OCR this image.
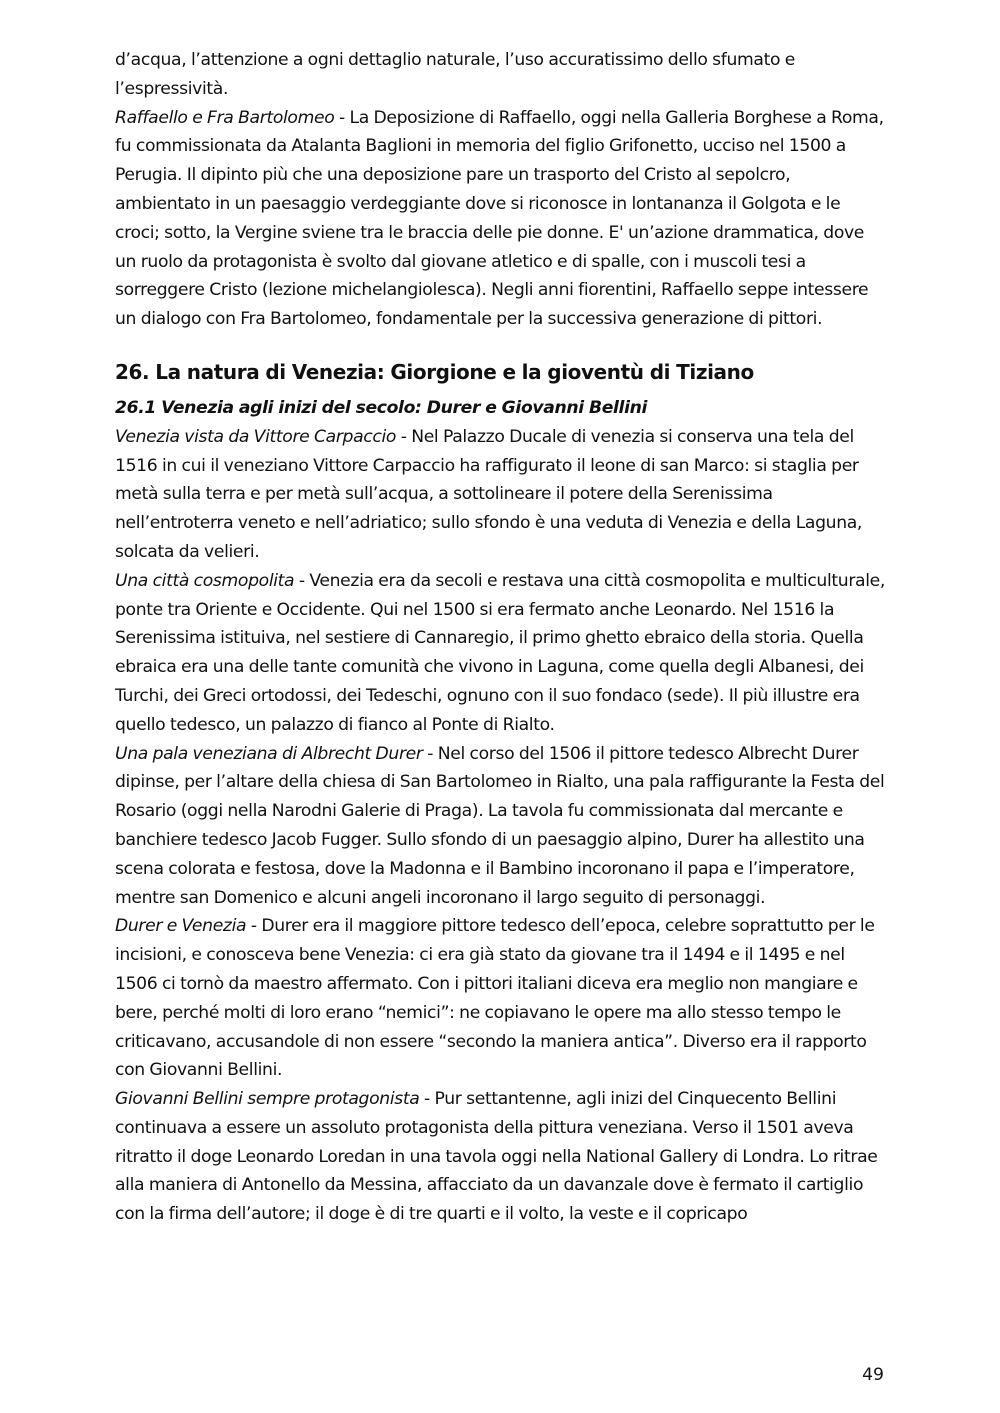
d’acqua, l’attenzione a ogni dettaglio naturale, l’uso accuratissimo dello sfumato e l’espressività.

Raffaello e Fra Bartolomeo - La Deposizione di Raffaello, oggi nella Galleria Borghese a Roma, fu commissionata da Atalanta Baglioni in memoria del figlio Grifonetto, ucciso nel 1500 a Perugia. Il dipinto più che una deposizione pare un trasporto del Cristo al sepolcro, ambientato in un paesaggio verdeggiante dove si riconosce in lontananza il Golgota e le croci; sotto, la Vergine sviene tra le braccia delle pie donne. E' un’azione drammatica, dove un ruolo da protagonista è svolto dal giovane atletico e di spalle, con i muscoli tesi a sorreggere Cristo (lezione michelangiolesca). Negli anni fiorentini, Raffaello seppe intessere un dialogo con Fra Bartolomeo, fondamentale per la successiva generazione di pittori.

26. La natura di Venezia: Giorgione e la gioventù di Tiziano
26.1 Venezia agli inizi del secolo: Durer e Giovanni Bellini

Venezia vista da Vittore Carpaccio - Nel Palazzo Ducale di venezia si conserva una tela del 1516 in cui il veneziano Vittore Carpaccio ha raffigurato il leone di san Marco: si staglia per metà sulla terra e per metà sull’acqua, a sottolineare il potere della Serenissima nell’entroterra veneto e nell’adriatico; sullo sfondo è una veduta di Venezia e della Laguna, solcata da velieri.

Una città cosmopolita - Venezia era da secoli e restava una città cosmopolita e multiculturale, ponte tra Oriente e Occidente. Qui nel 1500 si era fermato anche Leonardo. Nel 1516 la Serenissima istituiva, nel sestiere di Cannaregio, il primo ghetto ebraico della storia. Quella ebraica era una delle tante comunità che vivono in Laguna, come quella degli Albanesi, dei Turchi, dei Greci ortodossi, dei Tedeschi, ognuno con il suo fondaco (sede). Il più illustre era quello tedesco, un palazzo di fianco al Ponte di Rialto.

Una pala veneziana di Albrecht Durer - Nel corso del 1506 il pittore tedesco Albrecht Durer dipinse, per l’altare della chiesa di San Bartolomeo in Rialto, una pala raffigurante la Festa del Rosario (oggi nella Narodni Galerie di Praga). La tavola fu commissionata dal mercante e banchiere tedesco Jacob Fugger. Sullo sfondo di un paesaggio alpino, Durer ha allestito una scena colorata e festosa, dove la Madonna e il Bambino incoronano il papa e l’imperatore, mentre san Domenico e alcuni angeli incoronano il largo seguito di personaggi.

Durer e Venezia - Durer era il maggiore pittore tedesco dell’epoca, celebre soprattutto per le incisioni, e conosceva bene Venezia: ci era già stato da giovane tra il 1494 e il 1495 e nel 1506 ci tornò da maestro affermato. Con i pittori italiani diceva era meglio non mangiare e bere, perché molti di loro erano “nemici”: ne copiavano le opere ma allo stesso tempo le criticavano, accusandole di non essere “secondo la maniera antica”. Diverso era il rapporto con Giovanni Bellini.

Giovanni Bellini sempre protagonista - Pur settantenne, agli inizi del Cinquecento Bellini continuava a essere un assoluto protagonista della pittura veneziana. Verso il 1501 aveva ritratto il doge Leonardo Loredan in una tavola oggi nella National Gallery di Londra. Lo ritrae alla maniera di Antonello da Messina, affacciato da un davanzale dove è fermato il cartiglio con la firma dell’autore; il doge è di tre quarti e il volto, la veste e il copricapo

49
